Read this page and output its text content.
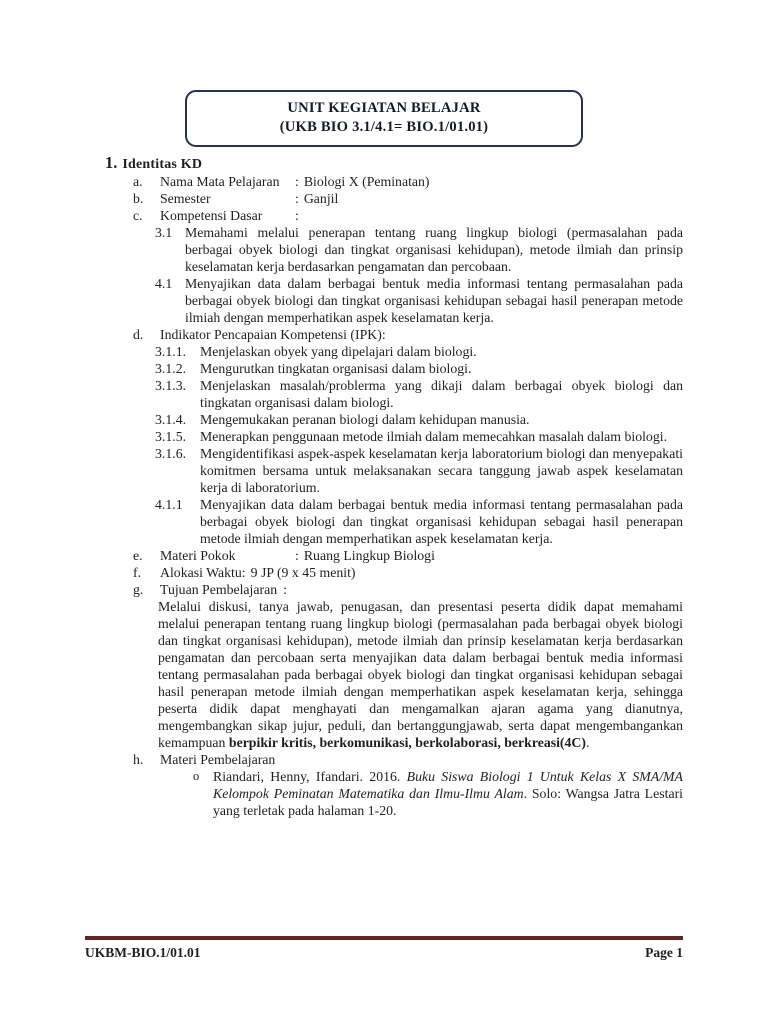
UNIT KEGIATAN BELAJAR
(UKB BIO 3.1/4.1= BIO.1/01.01)
1. Identitas KD
a.	Nama Mata Pelajaran	: Biologi X (Peminatan)
b.	Semester	: Ganjil
c.	Kompetensi Dasar	:
3.1 Memahami melalui penerapan tentang ruang lingkup biologi (permasalahan pada berbagai obyek biologi dan tingkat organisasi kehidupan), metode ilmiah dan prinsip keselamatan kerja berdasarkan pengamatan dan percobaan.
4.1 Menyajikan data dalam berbagai bentuk media informasi tentang permasalahan pada berbagai obyek biologi dan tingkat organisasi kehidupan sebagai hasil penerapan metode ilmiah dengan memperhatikan aspek keselamatan kerja.
d.	Indikator Pencapaian Kompetensi (IPK):
3.1.1.	Menjelaskan obyek yang dipelajari dalam biologi.
3.1.2.	Mengurutkan tingkatan organisasi dalam biologi.
3.1.3.	Menjelaskan masalah/problerma yang dikaji dalam berbagai obyek biologi dan tingkatan organisasi dalam biologi.
3.1.4.	Mengemukakan peranan biologi dalam kehidupan manusia.
3.1.5.	Menerapkan penggunaan metode ilmiah dalam memecahkan masalah dalam biologi.
3.1.6.	Mengidentifikasi aspek-aspek keselamatan kerja laboratorium biologi dan menyepakati komitmen bersama untuk melaksanakan secara tanggung jawab aspek keselamatan kerja di laboratorium.
4.1.1	Menyajikan data dalam berbagai bentuk media informasi tentang permasalahan pada berbagai obyek biologi dan tingkat organisasi kehidupan sebagai hasil penerapan metode ilmiah dengan memperhatikan aspek keselamatan kerja.
e.	Materi Pokok	: Ruang Lingkup Biologi
f.	Alokasi Waktu : 9 JP (9 x 45 menit)
g.	Tujuan Pembelajaran :
Melalui diskusi, tanya jawab, penugasan, dan presentasi peserta didik dapat memahami melalui penerapan tentang ruang lingkup biologi (permasalahan pada berbagai obyek biologi dan tingkat organisasi kehidupan), metode ilmiah dan prinsip keselamatan kerja berdasarkan pengamatan dan percobaan serta menyajikan data dalam berbagai bentuk media informasi tentang permasalahan pada berbagai obyek biologi dan tingkat organisasi kehidupan sebagai hasil penerapan metode ilmiah dengan memperhatikan aspek keselamatan kerja, sehingga peserta didik dapat menghayati dan mengamalkan ajaran agama yang dianutnya, mengembangkan sikap jujur, peduli, dan bertanggungjawab, serta dapat mengembangankan kemampuan berpikir kritis, berkomunikasi, berkolaborasi, berkreasi(4C).
h.	Materi Pembelajaran
o Riandari, Henny, Ifandari. 2016. Buku Siswa Biologi 1 Untuk Kelas X SMA/MA Kelompok Peminatan Matematika dan Ilmu-Ilmu Alam. Solo: Wangsa Jatra Lestari yang terletak pada halaman 1-20.
UKBM-BIO.1/01.01	Page 1
